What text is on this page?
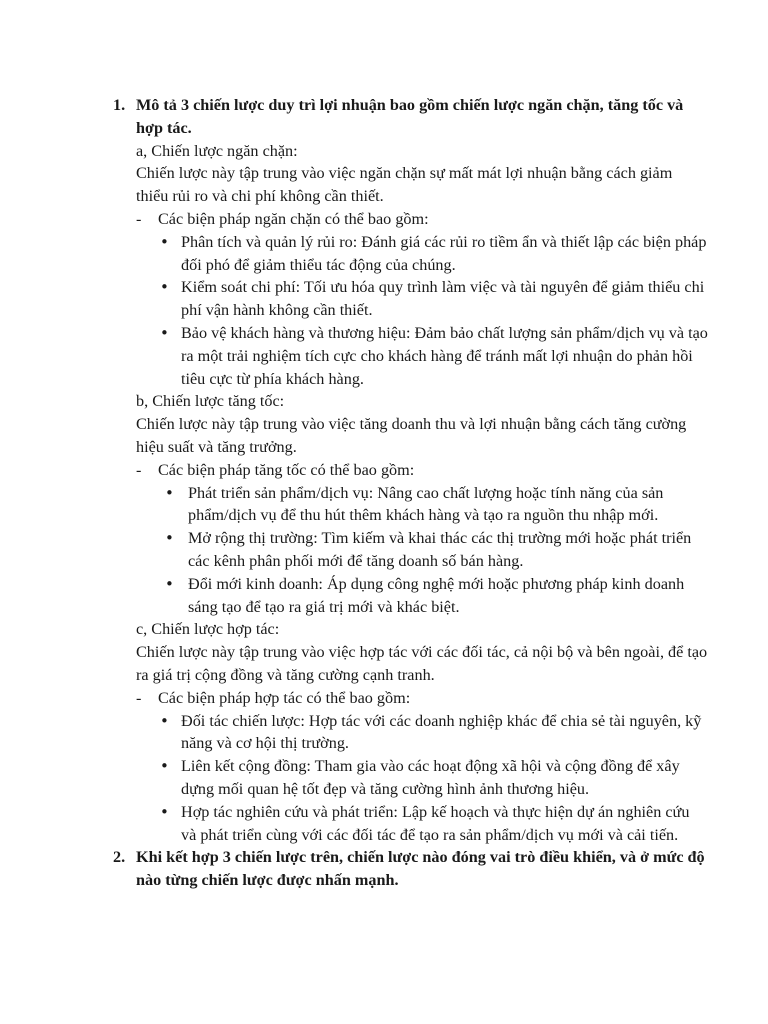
1. Mô tả 3 chiến lược duy trì lợi nhuận bao gồm chiến lược ngăn chặn, tăng tốc và hợp tác.
a, Chiến lược ngăn chặn:
Chiến lược này tập trung vào việc ngăn chặn sự mất mát lợi nhuận bằng cách giảm thiểu rủi ro và chi phí không cần thiết.
- Các biện pháp ngăn chặn có thể bao gồm:
•
Phân tích và quản lý rủi ro: Đánh giá các rủi ro tiềm ẩn và thiết lập các biện pháp đối phó để giảm thiểu tác động của chúng.
•
Kiểm soát chi phí: Tối ưu hóa quy trình làm việc và tài nguyên để giảm thiểu chi phí vận hành không cần thiết.
•
Bảo vệ khách hàng và thương hiệu: Đảm bảo chất lượng sản phẩm/dịch vụ và tạo ra một trải nghiệm tích cực cho khách hàng để tránh mất lợi nhuận do phản hồi tiêu cực từ phía khách hàng.
b, Chiến lược tăng tốc:
Chiến lược này tập trung vào việc tăng doanh thu và lợi nhuận bằng cách tăng cường hiệu suất và tăng trưởng.
- Các biện pháp tăng tốc có thể bao gồm:
•
Phát triển sản phẩm/dịch vụ: Nâng cao chất lượng hoặc tính năng của sản phẩm/dịch vụ để thu hút thêm khách hàng và tạo ra nguồn thu nhập mới.
•
Mở rộng thị trường: Tìm kiếm và khai thác các thị trường mới hoặc phát triển các kênh phân phối mới để tăng doanh số bán hàng.
•
Đổi mới kinh doanh: Áp dụng công nghệ mới hoặc phương pháp kinh doanh sáng tạo để tạo ra giá trị mới và khác biệt.
c, Chiến lược hợp tác:
Chiến lược này tập trung vào việc hợp tác với các đối tác, cả nội bộ và bên ngoài, để tạo ra giá trị cộng đồng và tăng cường cạnh tranh.
- Các biện pháp hợp tác có thể bao gồm:
•
Đối tác chiến lược: Hợp tác với các doanh nghiệp khác để chia sẻ tài nguyên, kỹ năng và cơ hội thị trường.
•
Liên kết cộng đồng: Tham gia vào các hoạt động xã hội và cộng đồng để xây dựng mối quan hệ tốt đẹp và tăng cường hình ảnh thương hiệu.
•
Hợp tác nghiên cứu và phát triển: Lập kế hoạch và thực hiện dự án nghiên cứu và phát triển cùng với các đối tác để tạo ra sản phẩm/dịch vụ mới và cải tiến.
2. Khi kết hợp 3 chiến lược trên, chiến lược nào đóng vai trò điều khiển, và ở mức độ nào từng chiến lược được nhấn mạnh.
